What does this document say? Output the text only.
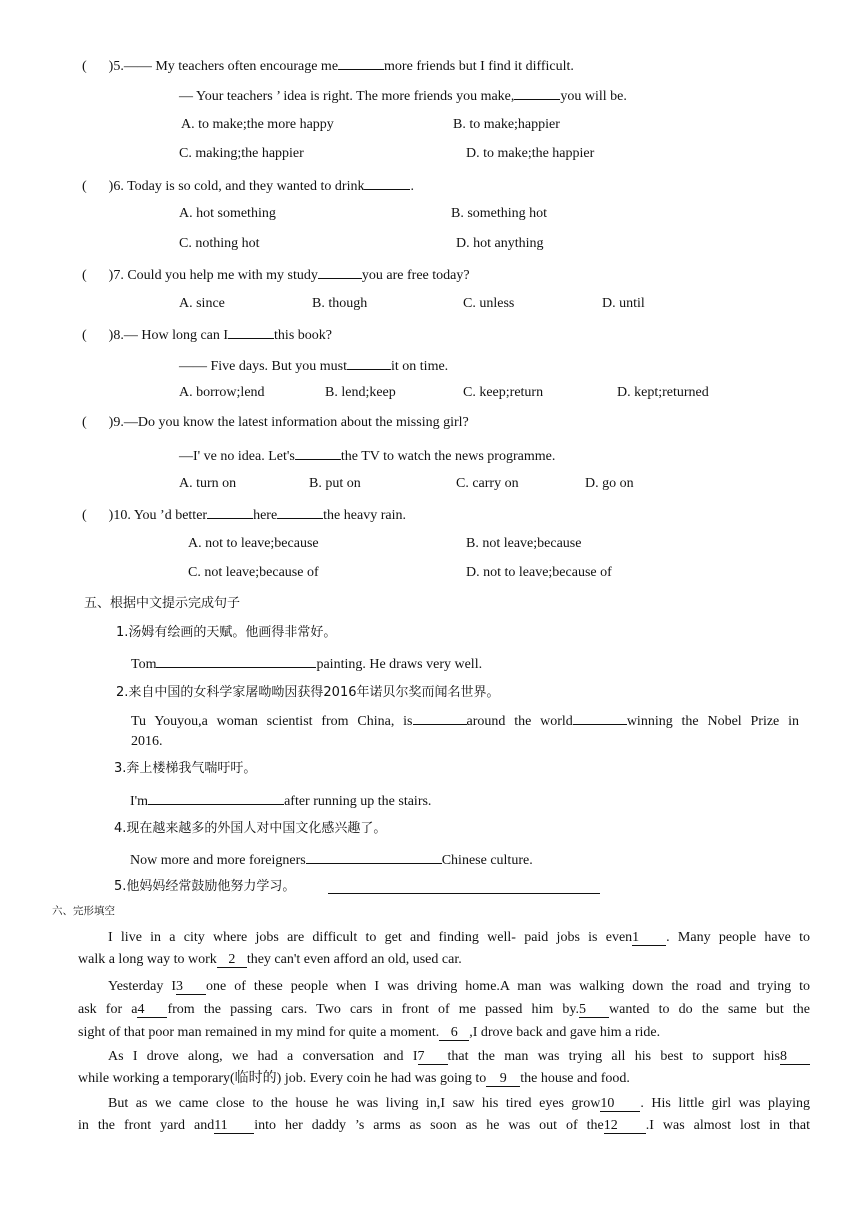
( )5.—— My teachers often encourage me	more friends but I find it difficult.
— Your teachers ’ idea is right. The more friends you make,	you will be.
A. to make;the more happy	B. to make;happier
C. making;the happier	D. to make;the happier
( )6. Today is so cold, and they wanted to drink	.
A. hot something	B. something hot
C. nothing hot	D. hot anything
( )7. Could you help me with my study	you are free today?
A. since	B. though	C. unless	D. until
( )8.— How long can I	this book?
—— Five days. But you must	it on time.
A. borrow;lend	B. lend;keep	C. keep;return	D. kept;returned
( )9.—Do you know the latest information about the missing girl?
—I' ve no idea. Let's	the TV to watch the news programme.
A. turn on	B. put on	C. carry on	D. go on
( )10. You ’d better	here	the heavy rain.
A. not to leave;because	B. not leave;because
C. not leave;because of	D. not to leave;because of
五、根据中文提示完成句子
1.汤姆有绘画的天赋。他画得非常好。
Tom	painting. He draws very well.
2.来自中国的女科学家屠呦呦因获得2016年诺贝尔奖而闻名世界。
Tu Youyou,a woman scientist from China, is	around the world	winning the Nobel Prize in
2016.
3.奔上楼梯我气喘吁吁。
I'm	after running up the stairs.
4.现在越来越多的外国人对中国文化感兴趣了。
Now more and more foreigners	Chinese culture.
5.他妈妈经常鼓励他努力学习。
六、完形填空
I live in a city where jobs are difficult to get and finding well- paid jobs is even1 . Many people have to
walk a long way to work 2 they can't even afford an old, used car.
Yesterday I3 one of these people when I was driving home.A man was walking down the road and trying to
ask for a4 from the passing cars. Two cars in front of me passed him by.5 wanted to do the same but the
sight of that poor man remained in my mind for quite a moment. 6 ,I drove back and gave him a ride.
As I drove along, we had a conversation and I7 that the man was trying all his best to support his8
while working a temporary(临时的) job. Every coin he had was going to 9 the house and food.
But as we came close to the house he was living in,I saw his tired eyes grow10 . His little girl was playing
in the front yard and11 into her daddy ’s arms as soon as he was out of the12 .I was almost lost in that
